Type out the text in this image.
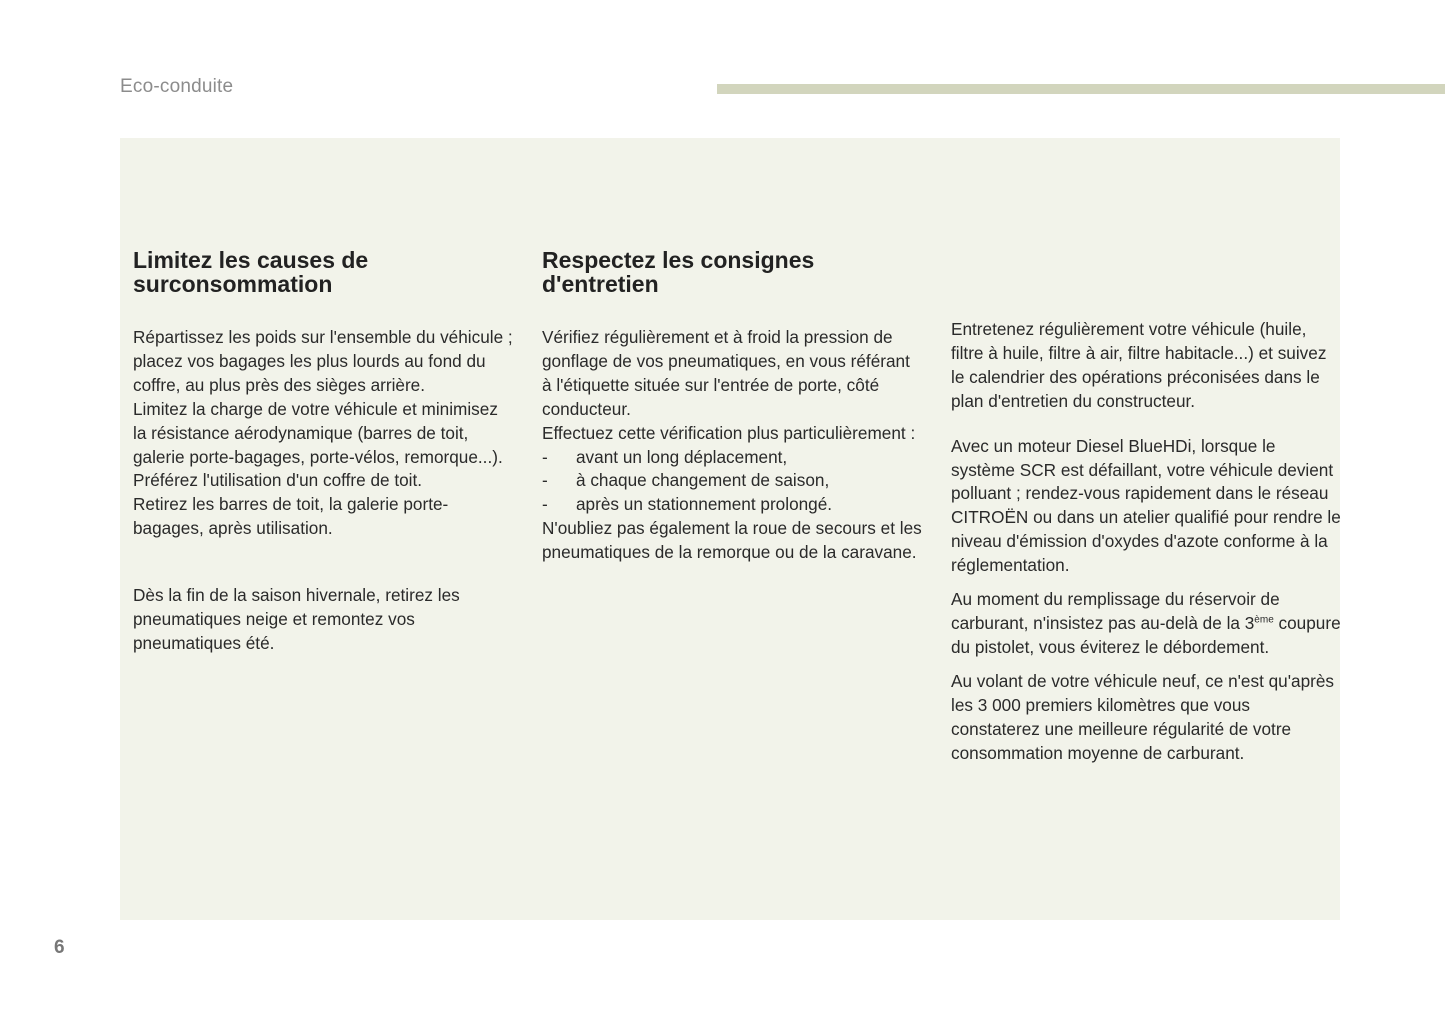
Eco-conduite
Limitez les causes de surconsommation

Répartissez les poids sur l'ensemble du véhicule ; placez vos bagages les plus lourds au fond du coffre, au plus près des sièges arrière.

Limitez la charge de votre véhicule et minimisez la résistance aérodynamique (barres de toit, galerie porte-bagages, porte-vélos, remorque...). Préférez l'utilisation d'un coffre de toit.

Retirez les barres de toit, la galerie porte-bagages, après utilisation.

Dès la fin de la saison hivernale, retirez les pneumatiques neige et remontez vos pneumatiques été.

Respectez les consignes d'entretien

Vérifiez régulièrement et à froid la pression de gonflage de vos pneumatiques, en vous référant à l'étiquette située sur l'entrée de porte, côté conducteur.

Effectuez cette vérification plus particulièrement :

-	avant un long déplacement,

-	à chaque changement de saison,

-	après un stationnement prolongé.

N'oubliez pas également la roue de secours et les pneumatiques de la remorque ou de la caravane.

Entretenez régulièrement votre véhicule (huile, filtre à huile, filtre à air, filtre habitacle...) et suivez le calendrier des opérations préconisées dans le plan d'entretien du constructeur.

Avec un moteur Diesel BlueHDi, lorsque le système SCR est défaillant, votre véhicule devient polluant ; rendez-vous rapidement dans le réseau CITROËN ou dans un atelier qualifié pour rendre le niveau d'émission d'oxydes d'azote conforme à la réglementation.

Au moment du remplissage du réservoir de carburant, n'insistez pas au-delà de la 3ème coupure du pistolet, vous éviterez le débordement.

Au volant de votre véhicule neuf, ce n'est qu'après les 3 000 premiers kilomètres que vous constaterez une meilleure régularité de votre consommation moyenne de carburant.

6
